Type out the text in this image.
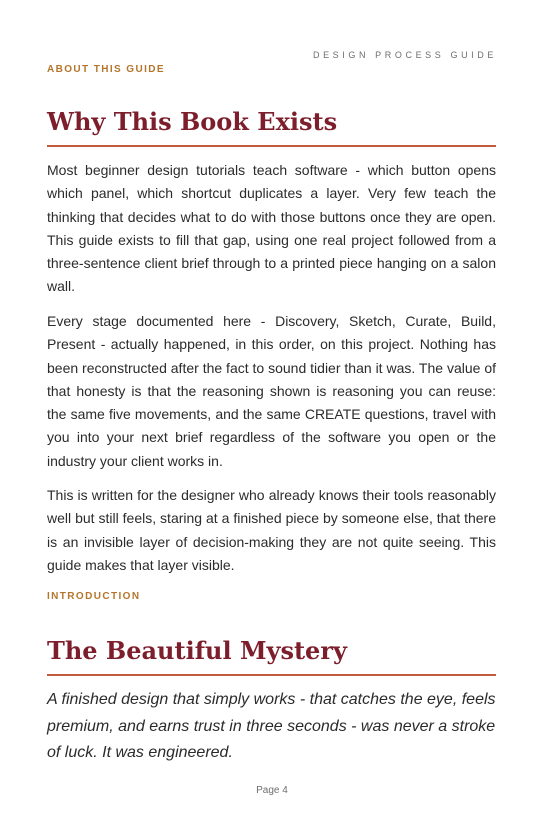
DESIGN PROCESS GUIDE
ABOUT THIS GUIDE
Why This Book Exists

Most beginner design tutorials teach software - which button opens which panel, which shortcut duplicates a layer. Very few teach the thinking that decides what to do with those buttons once they are open. This guide exists to fill that gap, using one real project followed from a three-sentence client brief through to a printed piece hanging on a salon wall.

Every stage documented here - Discovery, Sketch, Curate, Build, Present - actually happened, in this order, on this project. Nothing has been reconstructed after the fact to sound tidier than it was. The value of that honesty is that the reasoning shown is reasoning you can reuse: the same five movements, and the same CREATE questions, travel with you into your next brief regardless of the software you open or the industry your client works in.

This is written for the designer who already knows their tools reasonably well but still feels, staring at a finished piece by someone else, that there is an invisible layer of decision-making they are not quite seeing. This guide makes that layer visible.

INTRODUCTION
The Beautiful Mystery

A finished design that simply works - that catches the eye, feels premium, and earns trust in three seconds - was never a stroke of luck. It was engineered.

Page 4
